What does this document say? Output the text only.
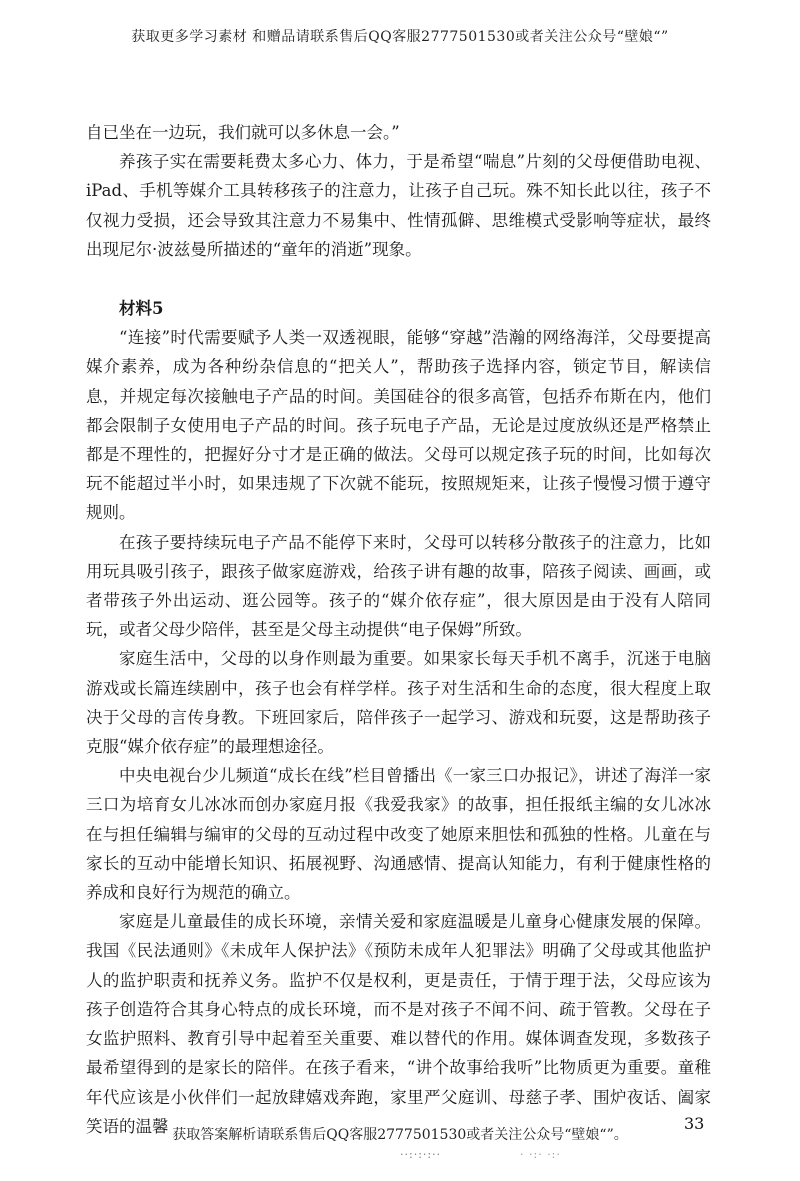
获取更多学习素材 和赠品请联系售后QQ客服2777501530或者关注公众号“壁娘“”

自已坐在一边玩，我们就可以多休息一会。”

养孩子实在需要耗费太多心力、体力，于是希望“喘息”片刻的父母便借助电视、iPad、手机等媒介工具转移孩子的注意力，让孩子自己玩。殊不知长此以往，孩子不仅视力受损，还会导致其注意力不易集中、性情孤僻、思维模式受影响等症状，最终出现尼尔·波兹曼所描述的“童年的消逝”现象。

材料5

“连接”时代需要赋予人类一双透视眼，能够“穿越”浩瀚的网络海洋，父母要提高媒介素养，成为各种纷杂信息的“把关人”，帮助孩子选择内容，锁定节目，解读信息，并规定每次接触电子产品的时间。美国硅谷的很多高管，包括乔布斯在内，他们都会限制子女使用电子产品的时间。孩子玩电子产品，无论是过度放纵还是严格禁止都是不理性的，把握好分寸才是正确的做法。父母可以规定孩子玩的时间，比如每次玩不能超过半小时，如果违规了下次就不能玩，按照规矩来，让孩子慢慢习惯于遵守规则。

在孩子要持续玩电子产品不能停下来时，父母可以转移分散孩子的注意力，比如用玩具吸引孩子，跟孩子做家庭游戏，给孩子讲有趣的故事，陪孩子阅读、画画，或者带孩子外出运动、逛公园等。孩子的“媒介依存症”，很大原因是由于没有人陪同玩，或者父母少陪伴，甚至是父母主动提供“电子保姆”所致。

家庭生活中，父母的以身作则最为重要。如果家长每天手机不离手，沉迷于电脑游戏或长篇连续剧中，孩子也会有样学样。孩子对生活和生命的态度，很大程度上取决于父母的言传身教。下班回家后，陪伴孩子一起学习、游戏和玩耍，这是帮助孩子克服“媒介依存症”的最理想途径。

中央电视台少儿频道“成长在线”栏目曾播出《一家三口办报记》，讲述了海洋一家三口为培育女儿冰冰而创办家庭月报《我爱我家》的故事，担任报纸主编的女儿冰冰在与担任编辑与编审的父母的互动过程中改变了她原来胆怯和孤独的性格。儿童在与家长的互动中能增长知识、拓展视野、沟通感情、提高认知能力，有利于健康性格的养成和良好行为规范的确立。

家庭是儿童最佳的成长环境，亲情关爱和家庭温暖是儿童身心健康发展的保障。我国《民法通则》《未成年人保护法》《预防未成年人犯罪法》明确了父母或其他监护人的监护职责和抚养义务。监护不仅是权利，更是责任，于情于理于法，父母应该为孩子创造符合其身心特点的成长环境，而不是对孩子不闻不问、疏于管教。父母在子女监护照料、教育引导中起着至关重要、难以替代的作用。媒体调查发现，多数孩子最希望得到的是家长的陪伴。在孩子看来，“讲个故事给我听”比物质更为重要。童稚年代应该是小伙伴们一起放肆嬉戏奔跑，家里严父庭训、母慈子孝、围炉夜话、阖家笑语的温馨 获取答案解析请联系售后QQ客服2777501530或者关注公众号“壁娘“”。
33
··:·:·:··	· ·:· ·:·
